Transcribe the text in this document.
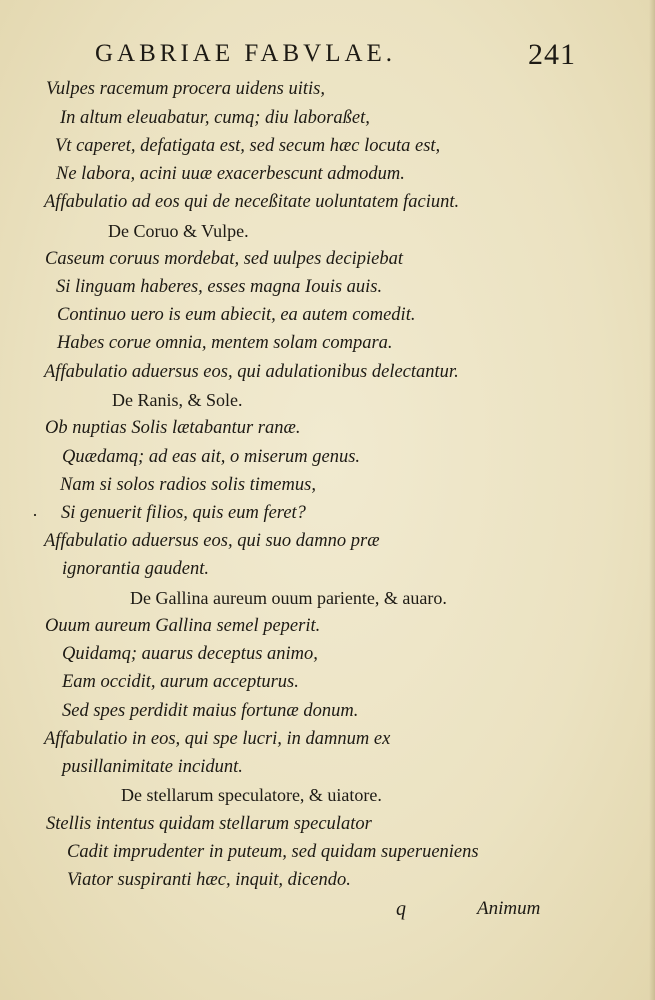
GABRIAE FABVLAE.	241
Vulpes racemum procera uidens uitis,
In altum eleuabatur, cumq; diu laboraßet,
Vt caperet, defatigata est, sed secum hæc locuta est,
Ne labora, acini uuæ exacerbescunt admodum.
Affabulatio ad eos qui de neceßitate uoluntatem faciunt.
De Coruo & Vulpe.
Caseum coruus mordebat, sed uulpes decipiebat
Si linguam haberes, esses magna Iouis auis.
Continuo uero is eum abiecit, ea autem comedit.
Habes corue omnia, mentem solam compara.
Affabulatio aduersus eos, qui adulationibus delectantur.
De Ranis, & Sole.
Ob nuptias Solis lætabantur ranæ.
Quædamq; ad eas ait, o miserum genus.
Nam si solos radios solis timemus,
Si genuerit filios, quis eum feret?
Affabulatio aduersus eos, qui suo damno præ
ignorantia gaudent.
De Gallina aureum ouum pariente, & auaro.
Ouum aureum Gallina semel peperit.
Quidamq; auarus deceptus animo,
Eam occidit, aurum accepturus.
Sed spes perdidit maius fortunæ donum.
Affabulatio in eos, qui spe lucri, in damnum ex
pusillanimitate incidunt.
De stellarum speculatore, & uiatore.
Stellis intentus quidam stellarum speculator
Cadit imprudenter in puteum, sed quidam superueniens
Viator suspiranti hæc, inquit, dicendo.
·
q	Animum
